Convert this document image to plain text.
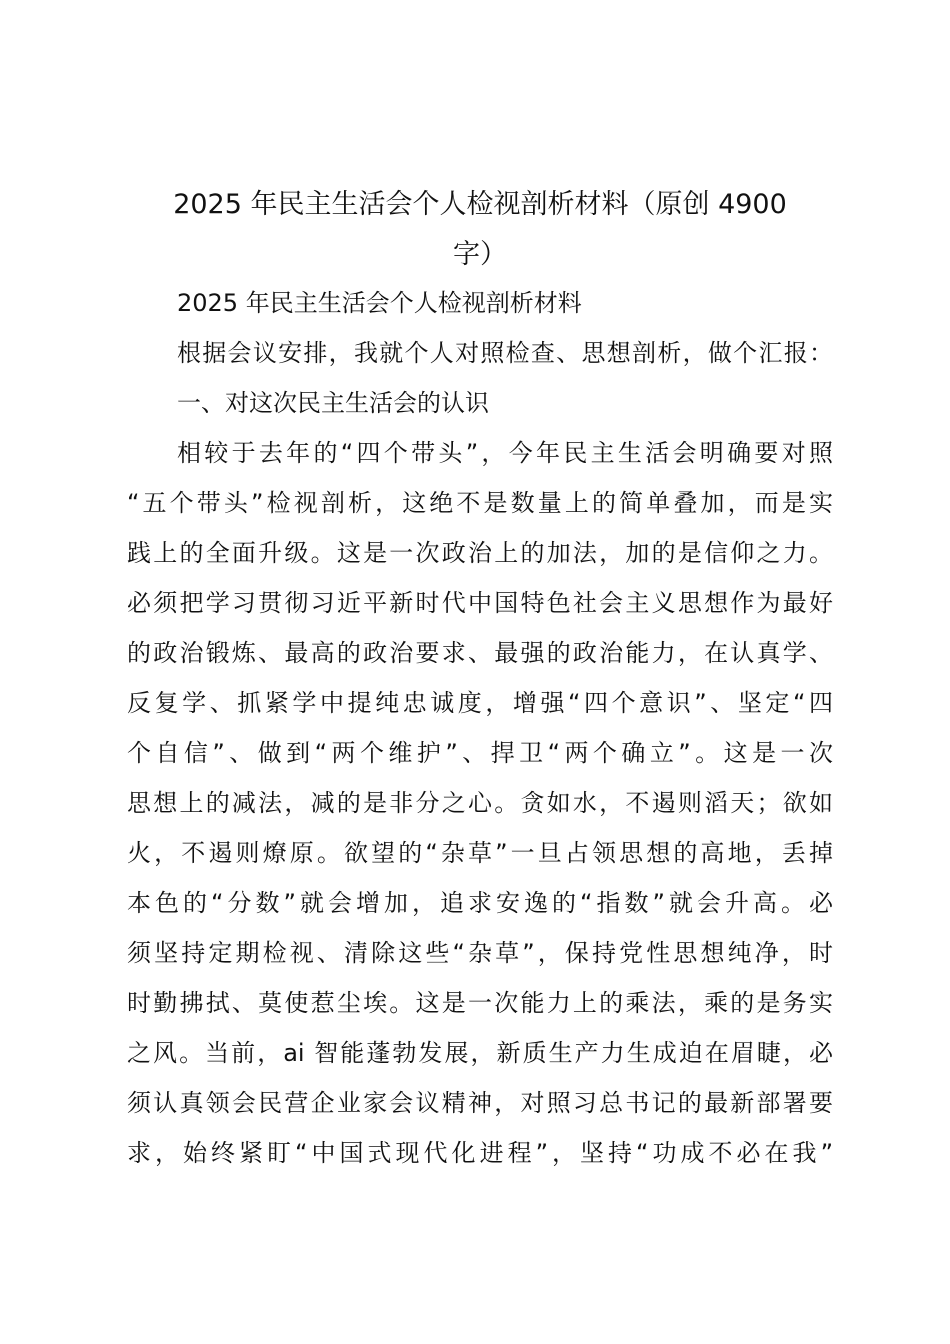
2025 年民主生活会个人检视剖析材料（原创 4900
字）

2025 年民主生活会个人检视剖析材料

根据会议安排，我就个人对照检查、思想剖析，做个汇报：

一、对这次民主生活会的认识

相较于去年的“四个带头”，今年民主生活会明确要对照

“五个带头”检视剖析，这绝不是数量上的简单叠加，而是实

践上的全面升级。这是一次政治上的加法，加的是信仰之力。

必须把学习贯彻习近平新时代中国特色社会主义思想作为最好

的政治锻炼、最高的政治要求、最强的政治能力，在认真学、

反复学、抓紧学中提纯忠诚度，增强“四个意识”、坚定“四

个自信”、做到“两个维护”、捍卫“两个确立”。这是一次

思想上的减法，减的是非分之心。贪如水，不遏则滔天；欲如

火，不遏则燎原。欲望的“杂草”一旦占领思想的高地，丢掉

本色的“分数”就会增加，追求安逸的“指数”就会升高。必

须坚持定期检视、清除这些“杂草”，保持党性思想纯净，时

时勤拂拭、莫使惹尘埃。这是一次能力上的乘法，乘的是务实

之风。当前，ai 智能蓬勃发展，新质生产力生成迫在眉睫，必

须认真领会民营企业家会议精神，对照习总书记的最新部署要

求，始终紧盯“中国式现代化进程”，坚持“功成不必在我”
